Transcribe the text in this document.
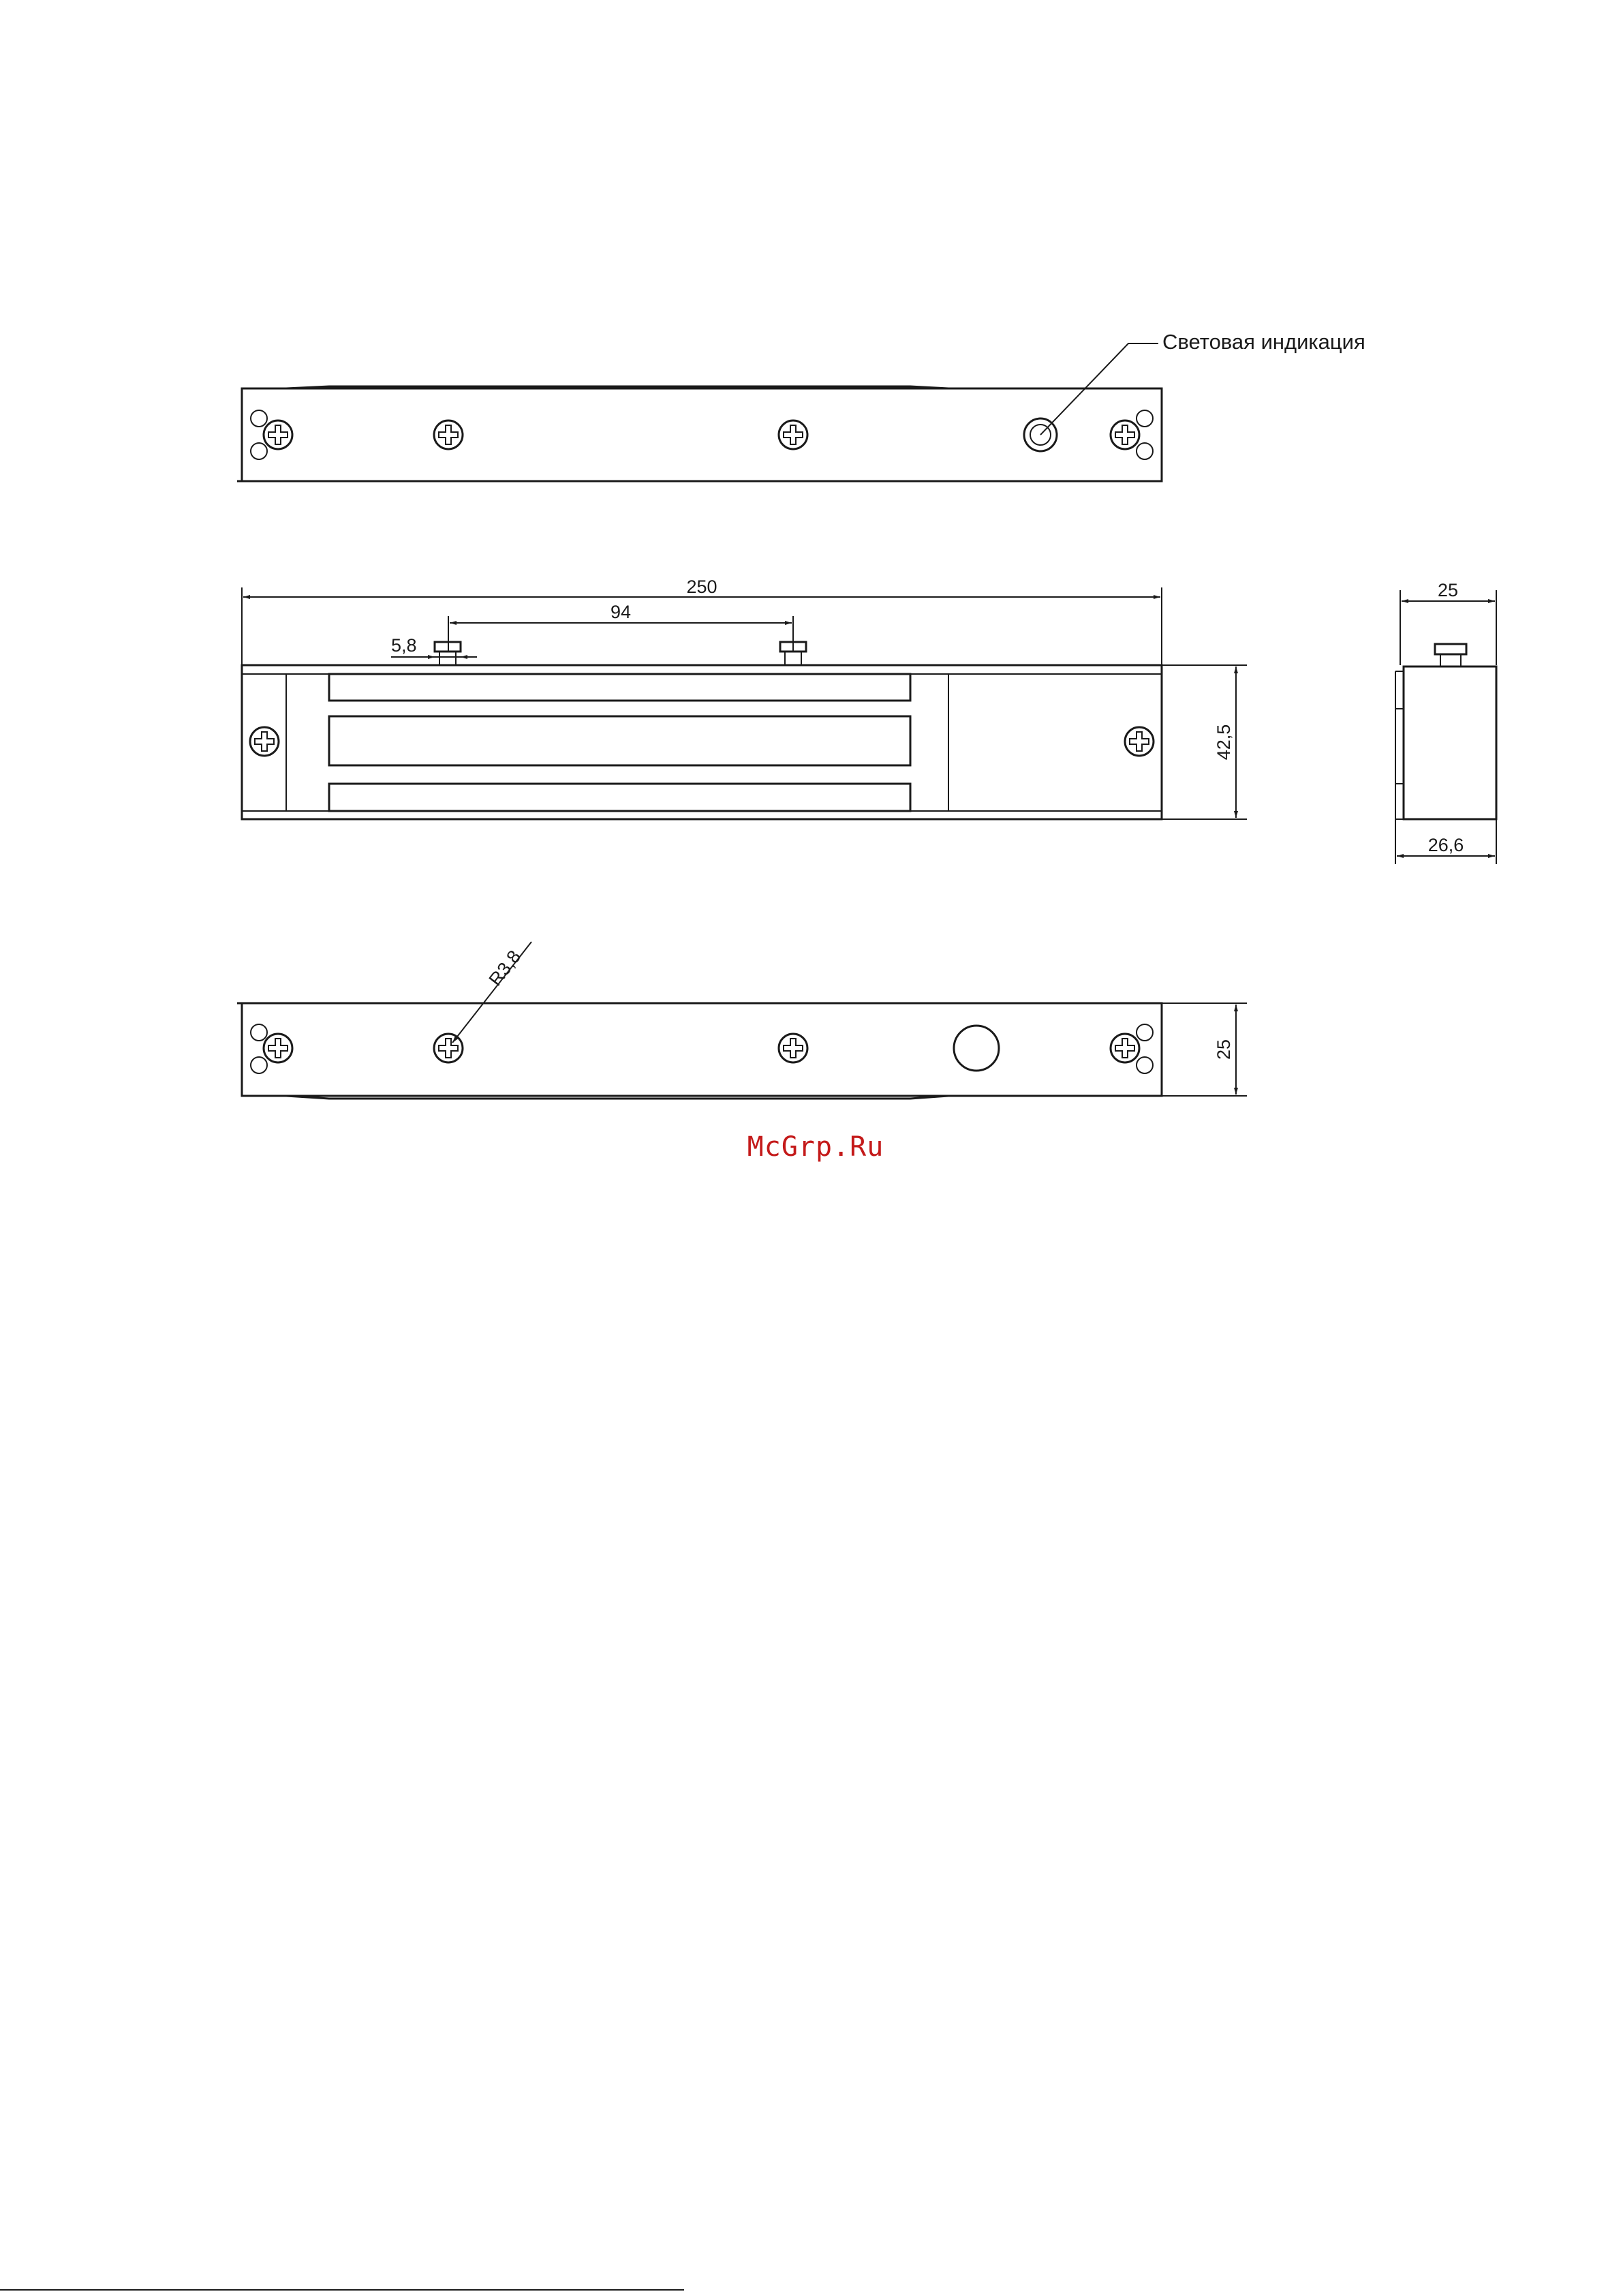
Световая индикация
250
94
5,8
42,5
25
26,6
R3,8
25
McGrp.Ru
